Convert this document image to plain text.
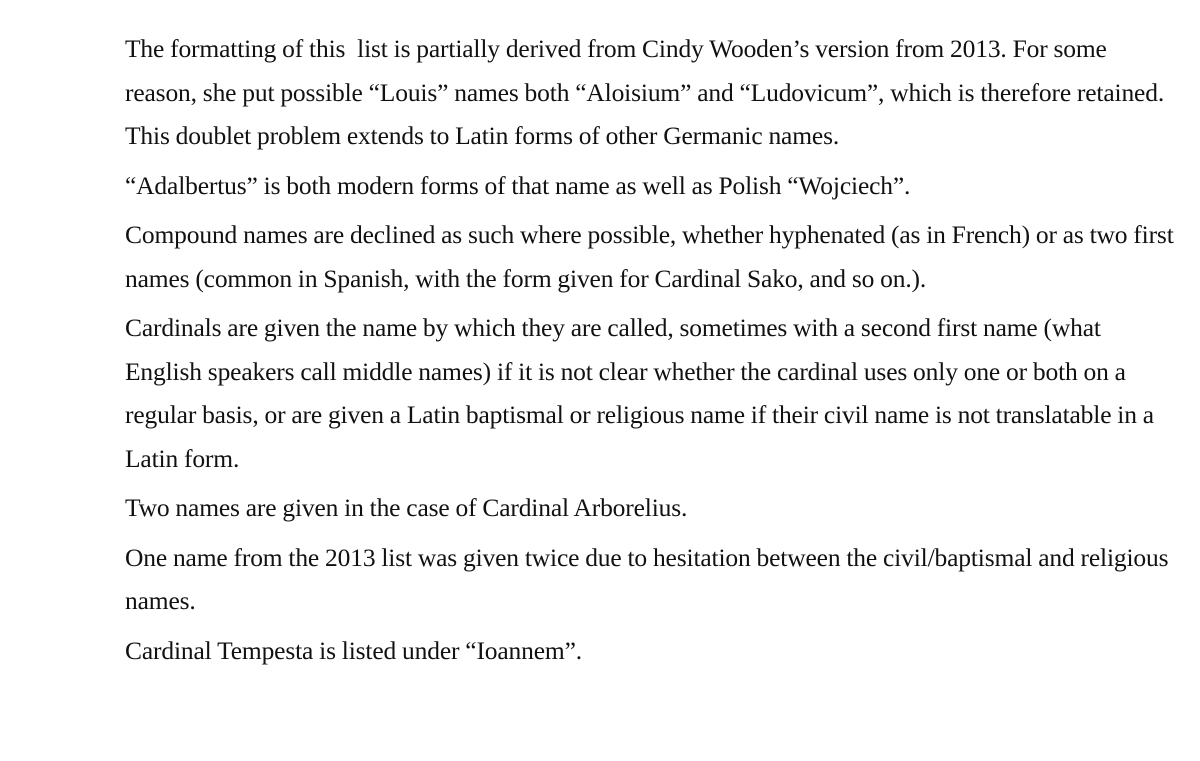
The formatting of this  list is partially derived from Cindy Wooden’s version from 2013. For some reason, she put possible “Louis” names both “Aloisium” and “Ludovicum”, which is therefore retained. This doublet problem extends to Latin forms of other Germanic names.

“Adalbertus” is both modern forms of that name as well as Polish “Wojciech”.

Compound names are declined as such where possible, whether hyphenated (as in French) or as two first names (common in Spanish, with the form given for Cardinal Sako, and so on.).

Cardinals are given the name by which they are called, sometimes with a second first name (what English speakers call middle names) if it is not clear whether the cardinal uses only one or both on a regular basis, or are given a Latin baptismal or religious name if their civil name is not translatable in a Latin form.

Two names are given in the case of Cardinal Arborelius.

One name from the 2013 list was given twice due to hesitation between the civil/baptismal and religious names.

Cardinal Tempesta is listed under “Ioannem”.
